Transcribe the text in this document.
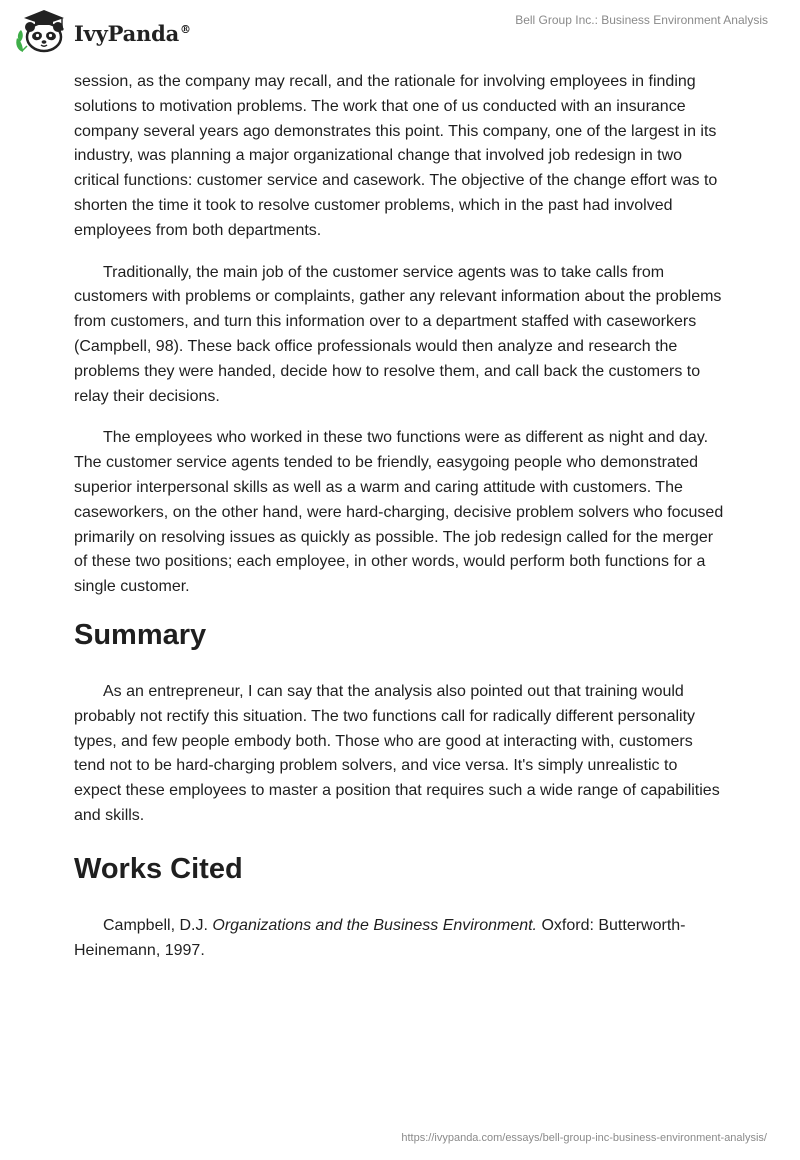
IvyPanda®
Bell Group Inc.: Business Environment Analysis

session, as the company may recall, and the rationale for involving employees in finding solutions to motivation problems. The work that one of us conducted with an insurance company several years ago demonstrates this point. This company, one of the largest in its industry, was planning a major organizational change that involved job redesign in two critical functions: customer service and casework. The objective of the change effort was to shorten the time it took to resolve customer problems, which in the past had involved employees from both departments.

Traditionally, the main job of the customer service agents was to take calls from customers with problems or complaints, gather any relevant information about the problems from customers, and turn this information over to a department staffed with caseworkers (Campbell, 98). These back office professionals would then analyze and research the problems they were handed, decide how to resolve them, and call back the customers to relay their decisions.

The employees who worked in these two functions were as different as night and day. The customer service agents tended to be friendly, easygoing people who demonstrated superior interpersonal skills as well as a warm and caring attitude with customers. The caseworkers, on the other hand, were hard-charging, decisive problem solvers who focused primarily on resolving issues as quickly as possible. The job redesign called for the merger of these two positions; each employee, in other words, would perform both functions for a single customer.

Summary

As an entrepreneur, I can say that the analysis also pointed out that training would probably not rectify this situation. The two functions call for radically different personality types, and few people embody both. Those who are good at interacting with, customers tend not to be hard-charging problem solvers, and vice versa. It's simply unrealistic to expect these employees to master a position that requires such a wide range of capabilities and skills.

Works Cited

Campbell, D.J. Organizations and the Business Environment. Oxford: Butterworth-Heinemann, 1997.

https://ivypanda.com/essays/bell-group-inc-business-environment-analysis/
